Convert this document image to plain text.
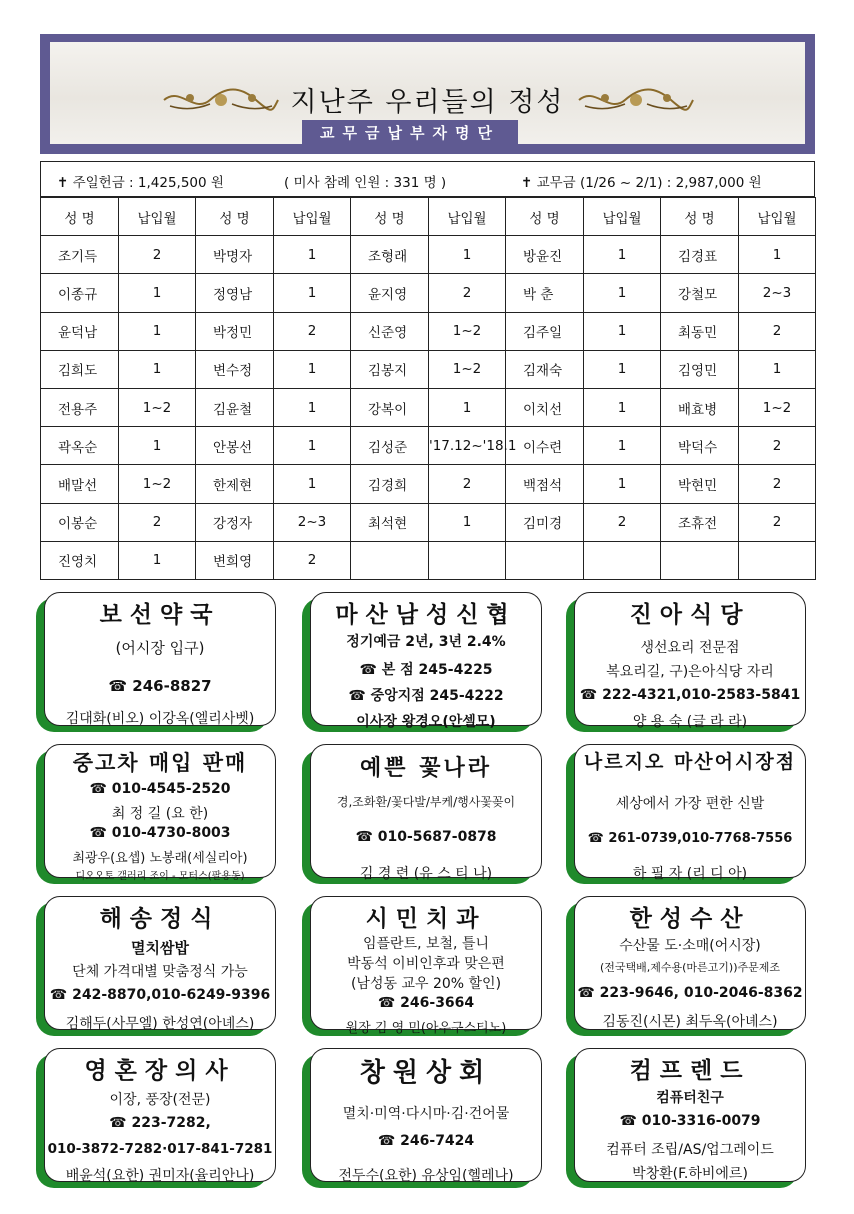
지난주 우리들의 정성
교무금납부자명단
✝ 주일헌금 : 1,425,500 원	( 미사 참례 인원 : 331 명 )	✝ 교무금 (1/26 ~ 2/1) : 2,987,000 원
성 명	납입월	성 명	납입월	성 명	납입월	성 명	납입월	성 명	납입월
조기득	2	박명자	1	조형래	1	방윤진	1	김경표	1
이종규	1	정영남	1	윤지영	2	박 춘	1	강철모	2~3
윤덕남	1	박정민	2	신준영	1~2	김주일	1	최동민	2
김희도	1	변수정	1	김봉지	1~2	김재숙	1	김영민	1
전용주	1~2	김윤철	1	강복이	1	이치선	1	배효병	1~2
곽옥순	1	안봉선	1	김성준	'17.12~'18.1	이수련	1	박덕수	2
배말선	1~2	한제현	1	김경희	2	백점석	1	박현민	2
이봉순	2	강정자	2~3	최석현	1	김미경	2	조휴전	2
진영치	1	변희영	2						
보선약국
(어시장 입구)
☎ 246-8827
김대화(비오) 이강옥(엘리사벳)
마산남성신협
정기예금 2년, 3년 2.4%
☎ 본 점 245-4225
☎ 중앙지점 245-4222
이사장 왕경오(안셀모)
진아식당
생선요리 전문점
복요리길, 구)은아식당 자리
☎ 222-4321,010-2583-5841
양 용 숙 (글 라 라)
중고차 매입 판매
☎ 010-4545-2520
최 정 길 (요 한)
☎ 010-4730-8003
최광우(요셉) 노봉래(세실리아)
디오오토 갤러리 조이 - 모터스(팔용동)
예쁜 꽃나라
경,조화환/꽃다발/부케/행사꽃꽂이
☎ 010-5687-0878
김 경 련 (유 스 티 나)
나르지오 마산어시장점
세상에서 가장 편한 신발
☎ 261-0739,010-7768-7556
하 필 자 (리 디 아)
해송정식
멸치쌈밥
단체 가격대별 맞춤정식 가능
☎ 242-8870,010-6249-9396
김해두(사무엘) 한성연(아녜스)
시민치과
임플란트, 보철, 틀니
박동석 이비인후과 맞은편
(남성동 교우 20% 할인)
☎ 246-3664
원장 김 영 민(아우구스티노)
한성수산
수산물 도·소매(어시장)
(전국택배,제수용(마른고기))주문제조
☎ 223-9646, 010-2046-8362
김동진(시몬) 최두옥(아녜스)
영혼장의사
이장, 풍장(전문)
☎ 223-7282,
010-3872-7282·017-841-7281
배윤석(요한) 권미자(율리안나)
창원상회
멸치·미역·다시마·김·건어물
☎ 246-7424
전두수(요한) 유상임(헬레나)
컴프렌드
컴퓨터친구
☎ 010-3316-0079
컴퓨터 조립/AS/업그레이드
박창환(F.하비에르)
